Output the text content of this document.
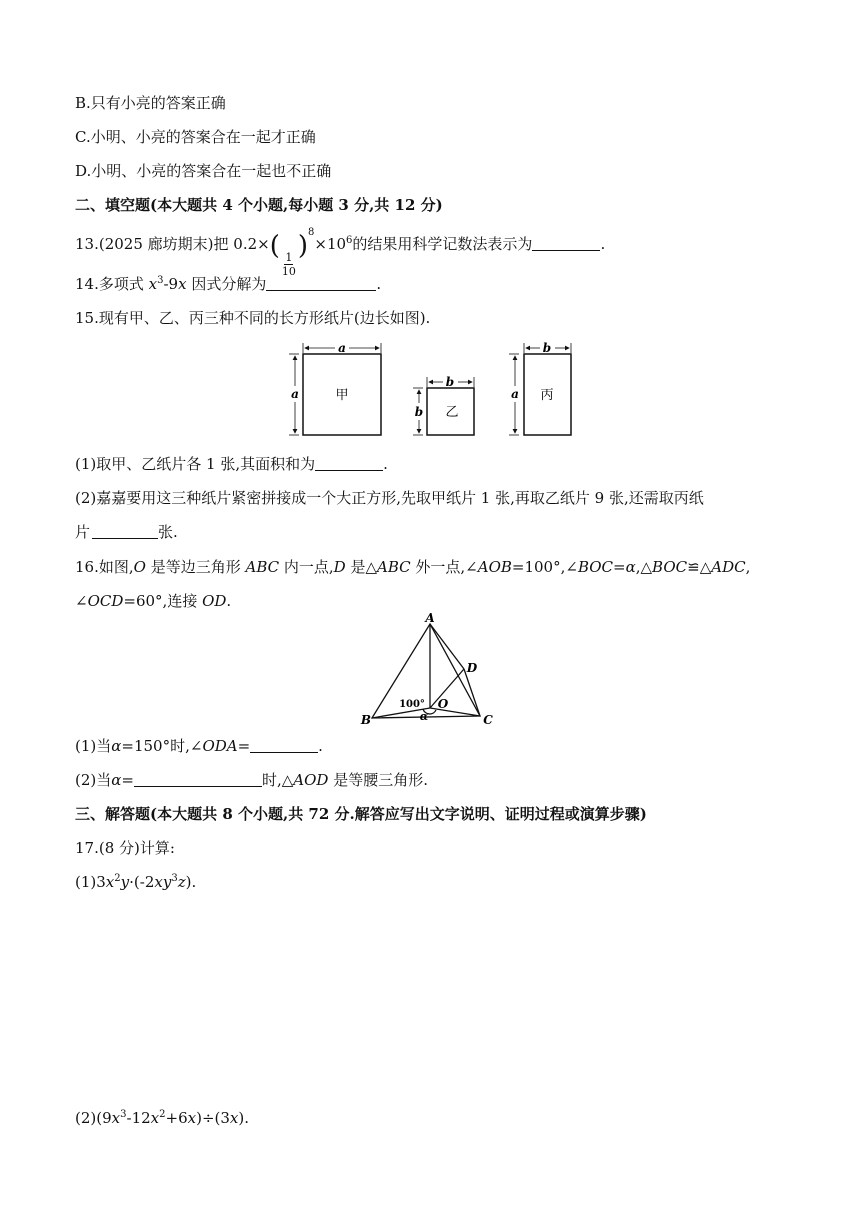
B.只有小亮的答案正确
C.小明、小亮的答案合在一起才正确
D.小明、小亮的答案合在一起也不正确
二、填空题(本大题共 4 个小题,每小题 3 分,共 12 分)
13.(2025 廊坊期末)把 0.2×(
$\frac{1}{10}$
)$^8\times 10^6$的结果用科学记数法表示为	.
14.多项式 $x^3-9x$ 因式分解为	.
15.现有甲、乙、丙三种不同的长方形纸片(边长如图).
a
a	甲
b
b 乙
b
a 丙
(1)取甲、乙纸片各 1 张,其面积和为	.
(2)嘉嘉要用这三种纸片紧密拼接成一个大正方形,先取甲纸片 1 张,再取乙纸片 9 张,还需取丙纸
片	张.
16.如图,O 是等边三角形 ABC 内一点,D 是△ABC 外一点,∠AOB=100°,∠BOC=α,△BOC≌△ADC,
∠OCD=60°,连接 OD.
A
B	C
D
O
100°
α
(1)当α=150°时,∠ODA=	.
(2)当α=	时,△AOD 是等腰三角形.
三、解答题(本大题共 8 个小题,共 72 分.解答应写出文字说明、证明过程或演算步骤)
17.(8 分)计算:
$(1)3x^2y\cdot(-2xy^3z)$.
$(2)(9x^3-12x^2+6x)\div(3x)$.
